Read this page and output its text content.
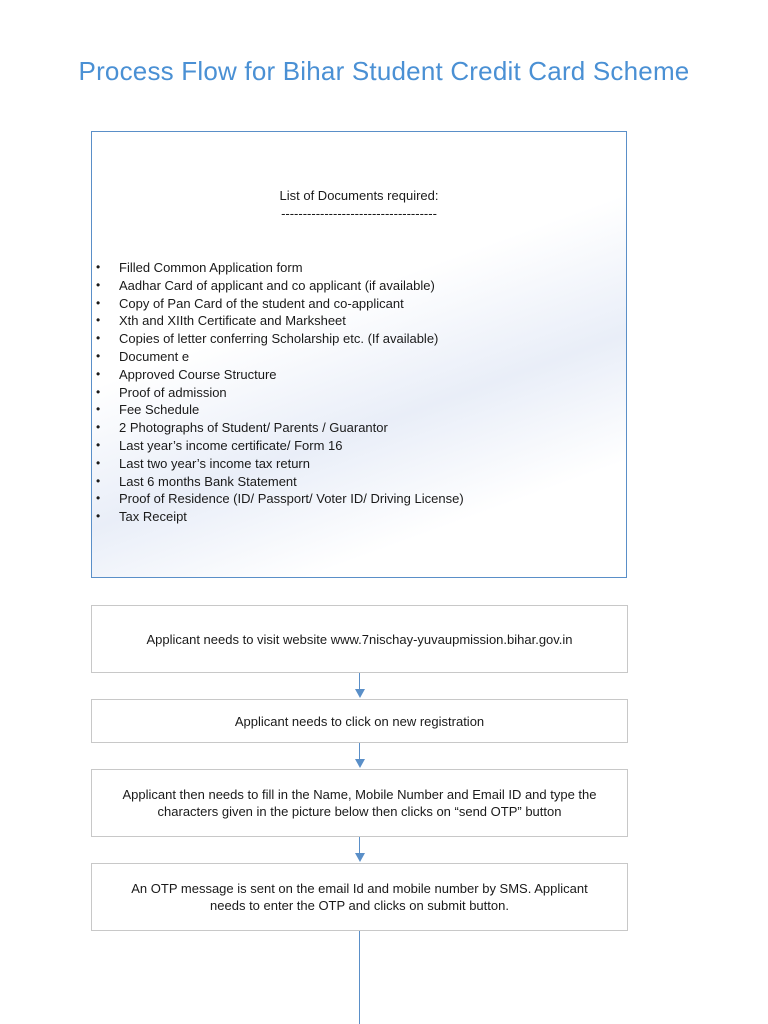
Process Flow for Bihar Student Credit Card Scheme
List of Documents required:
------------------------------------
• Filled Common Application form
• Aadhar Card of applicant and co applicant (if available)
• Copy of Pan Card of the student and co-applicant
• Xth and XIIth Certificate and Marksheet
• Copies of letter conferring Scholarship etc. (If available)
• Document e
• Approved Course Structure
• Proof of admission
• Fee Schedule
• 2 Photographs of Student/ Parents / Guarantor
• Last year’s income certificate/ Form 16
• Last two year’s income tax return
• Last 6 months Bank Statement
• Proof of Residence (ID/ Passport/ Voter ID/ Driving License)
• Tax Receipt
Applicant needs to visit website www.7nischay-yuvaupmission.bihar.gov.in
Applicant needs to click on new registration
Applicant then needs to fill in the Name, Mobile Number and Email ID and type the characters given in the picture below then clicks on “send OTP” button
An OTP message is sent on the email Id and mobile number by SMS. Applicant needs to enter the OTP and clicks on submit button.
